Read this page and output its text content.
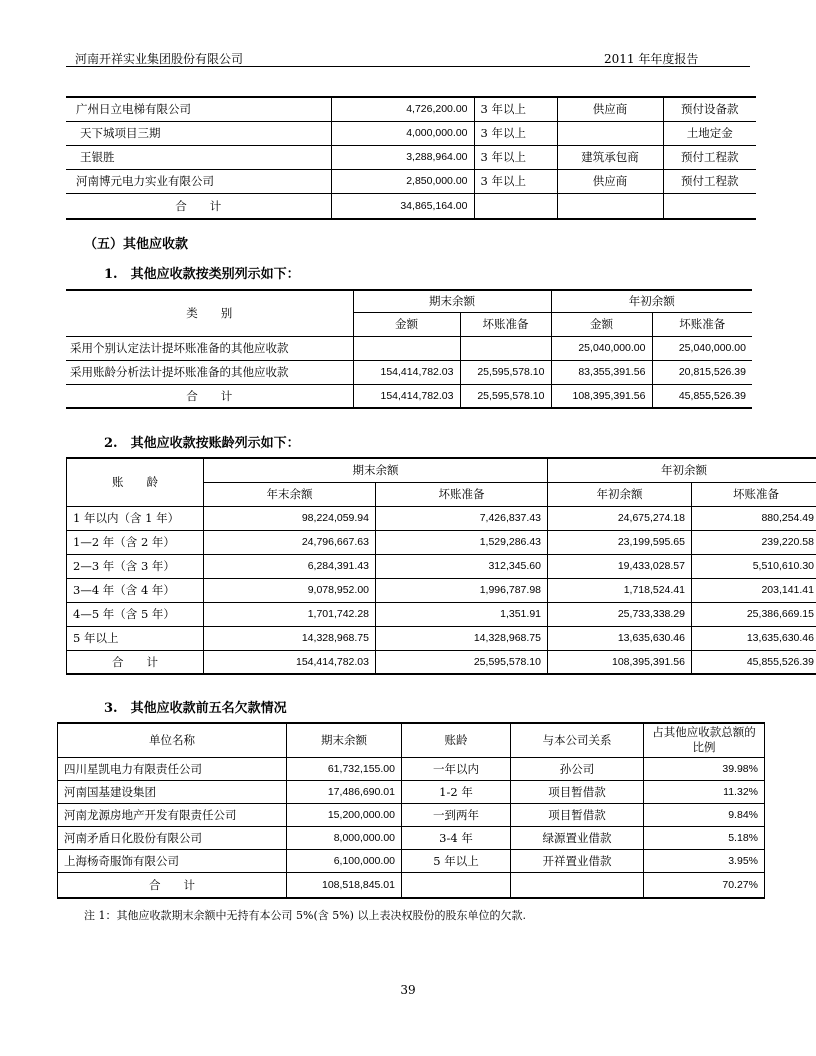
河南开祥实业集团股份有限公司	2011 年年度报告
广州日立电梯有限公司	4,726,200.00	3 年以上	供应商	预付设备款
天下城项目三期	4,000,000.00	3 年以上		土地定金
王银胜	3,288,964.00	3 年以上	建筑承包商	预付工程款
河南博元电力实业有限公司	2,850,000.00	3 年以上	供应商	预付工程款
合　　计	34,865,164.00			
（五）其他应收款
1.　其他应收款按类别列示如下：
类　　别	期末余额		年初余额	
	金额	坏账准备	金额	坏账准备
采用个别认定法计提坏账准备的其他应收款			25,040,000.00	25,040,000.00
采用账龄分析法计提坏账准备的其他应收款	154,414,782.03	25,595,578.10	83,355,391.56	20,815,526.39
合　　计	154,414,782.03	25,595,578.10	108,395,391.56	45,855,526.39
2.　其他应收款按账龄列示如下：
账　　龄	期末余额		年初余额	
	年末余额	坏账准备	年初余额	坏账准备
1 年以内（含 1 年）	98,224,059.94	7,426,837.43	24,675,274.18	880,254.49
1—2 年（含 2 年）	24,796,667.63	1,529,286.43	23,199,595.65	239,220.58
2—3 年（含 3 年）	6,284,391.43	312,345.60	19,433,028.57	5,510,610.30
3—4 年（含 4 年）	9,078,952.00	1,996,787.98	1,718,524.41	203,141.41
4—5 年（含 5 年）	1,701,742.28	1,351.91	25,733,338.29	25,386,669.15
5 年以上	14,328,968.75	14,328,968.75	13,635,630.46	13,635,630.46
合　　计	154,414,782.03	25,595,578.10	108,395,391.56	45,855,526.39
3.　其他应收款前五名欠款情况
单位名称	期末余额	账龄	与本公司关系	占其他应收款总额的比例
四川星凯电力有限责任公司	61,732,155.00	一年以内	孙公司	39.98%
河南国基建设集团	17,486,690.01	1-2 年	项目暂借款	11.32%
河南龙源房地产开发有限责任公司	15,200,000.00	一到两年	项目暂借款	9.84%
河南矛盾日化股份有限公司	8,000,000.00	3-4 年	绿源置业借款	5.18%
上海杨奇服饰有限公司	6,100,000.00	5 年以上	开祥置业借款	3.95%
合　　计	108,518,845.01			70.27%
注 1：其他应收款期末余额中无持有本公司 5%(含 5%) 以上表决权股份的股东单位的欠款.
39
